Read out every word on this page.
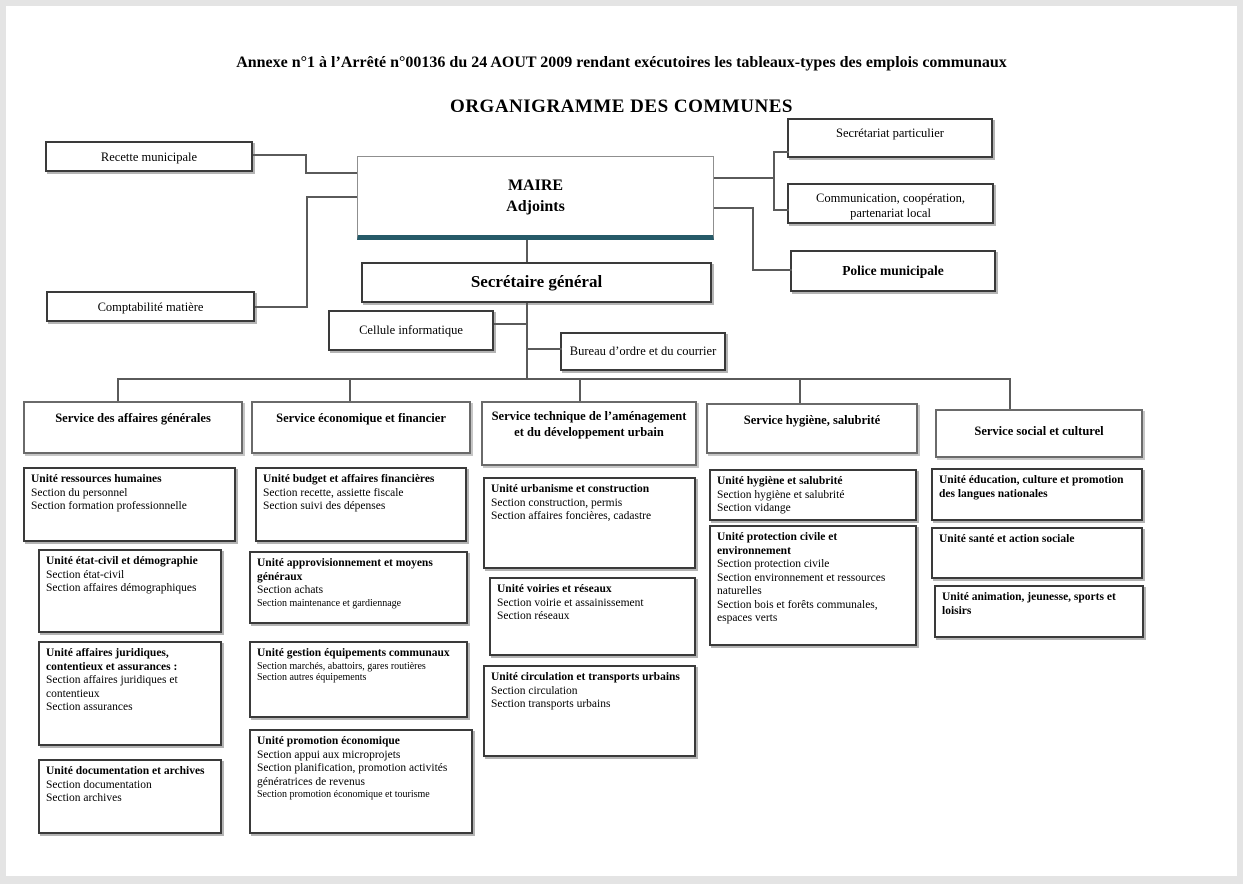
Annexe n°1 à l’Arrêté n°00136 du 24 AOUT 2009 rendant exécutoires les tableaux-types des emplois communaux
ORGANIGRAMME DES COMMUNES
Recette municipale
Comptabilité matière
MAIRE
Adjoints
Secrétaire général
Cellule informatique
Bureau d’ordre et du courrier
Secrétariat particulier
Communication, coopération, partenariat local
Police municipale
Service des affaires générales	Service économique et financier	Service technique de l’aménagement et du développement urbain
Service hygiène, salubrité
Service social et culturel
Unité ressources humaines
Section du personnel
Section formation professionnelle
Unité état-civil et démographie
Section état-civil
Section affaires démographiques
Unité affaires juridiques, contentieux et assurances :
Section affaires juridiques et contentieux
Section assurances
Unité documentation et archives
Section documentation
Section archives
Unité budget et affaires financières
Section recette, assiette fiscale
Section suivi des dépenses
Unité approvisionnement et moyens généraux
Section achats
Section maintenance et gardiennage
Unité gestion équipements communaux
Section marchés, abattoirs, gares routières
Section autres équipements
Unité promotion économique
Section appui aux microprojets
Section planification, promotion activités génératrices de revenus
Section promotion économique et tourisme
Unité urbanisme et construction
Section construction, permis
Section affaires foncières, cadastre
Unité voiries et réseaux
Section voirie et assainissement
Section réseaux
Unité circulation et transports urbains
Section circulation
Section transports urbains
Unité hygiène et salubrité
Section hygiène et salubrité
Section vidange
Unité protection civile et environnement
Section protection civile
Section environnement et ressources naturelles
Section bois et forêts communales, espaces verts
Unité éducation, culture et promotion des langues nationales
Unité santé et action sociale
Unité animation, jeunesse, sports et loisirs
